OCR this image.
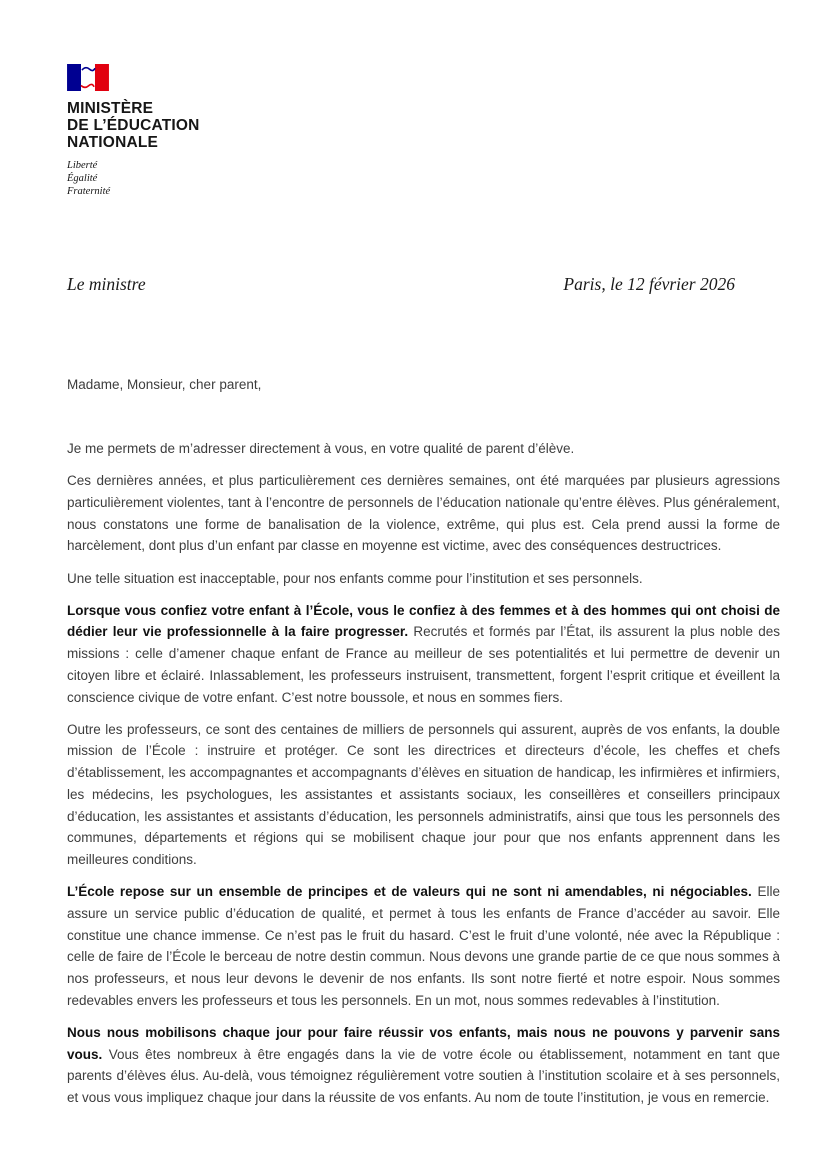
MINISTÈRE
DE L’ÉDUCATION
NATIONALE
Liberté
Égalité
Fraternité
Le ministre	Paris, le 12 février 2026
Madame, Monsieur, cher parent,

Je me permets de m’adresser directement à vous, en votre qualité de parent d’élève.

Ces dernières années, et plus particulièrement ces dernières semaines, ont été marquées par plusieurs agressions particulièrement violentes, tant à l’encontre de personnels de l’éducation nationale qu’entre élèves. Plus généralement, nous constatons une forme de banalisation de la violence, extrême, qui plus est. Cela prend aussi la forme de harcèlement, dont plus d’un enfant par classe en moyenne est victime, avec des conséquences destructrices.

Une telle situation est inacceptable, pour nos enfants comme pour l’institution et ses personnels.

Lorsque vous confiez votre enfant à l’École, vous le confiez à des femmes et à des hommes qui ont choisi de dédier leur vie professionnelle à la faire progresser. Recrutés et formés par l’État, ils assurent la plus noble des missions : celle d’amener chaque enfant de France au meilleur de ses potentialités et lui permettre de devenir un citoyen libre et éclairé. Inlassablement, les professeurs instruisent, transmettent, forgent l’esprit critique et éveillent la conscience civique de votre enfant. C’est notre boussole, et nous en sommes fiers.

Outre les professeurs, ce sont des centaines de milliers de personnels qui assurent, auprès de vos enfants, la double mission de l’École : instruire et protéger. Ce sont les directrices et directeurs d’école, les cheffes et chefs d’établissement, les accompagnantes et accompagnants d’élèves en situation de handicap, les infirmières et infirmiers, les médecins, les psychologues, les assistantes et assistants sociaux, les conseillères et conseillers principaux d’éducation, les assistantes et assistants d’éducation, les personnels administratifs, ainsi que tous les personnels des communes, départements et régions qui se mobilisent chaque jour pour que nos enfants apprennent dans les meilleures conditions.

L’École repose sur un ensemble de principes et de valeurs qui ne sont ni amendables, ni négociables. Elle assure un service public d’éducation de qualité, et permet à tous les enfants de France d’accéder au savoir. Elle constitue une chance immense. Ce n’est pas le fruit du hasard. C’est le fruit d’une volonté, née avec la République : celle de faire de l’École le berceau de notre destin commun. Nous devons une grande partie de ce que nous sommes à nos professeurs, et nous leur devons le devenir de nos enfants. Ils sont notre fierté et notre espoir. Nous sommes redevables envers les professeurs et tous les personnels. En un mot, nous sommes redevables à l’institution.

Nous nous mobilisons chaque jour pour faire réussir vos enfants, mais nous ne pouvons y parvenir sans vous. Vous êtes nombreux à être engagés dans la vie de votre école ou établissement, notamment en tant que parents d’élèves élus. Au-delà, vous témoignez régulièrement votre soutien à l’institution scolaire et à ses personnels, et vous vous impliquez chaque jour dans la réussite de vos enfants. Au nom de toute l’institution, je vous en remercie.
